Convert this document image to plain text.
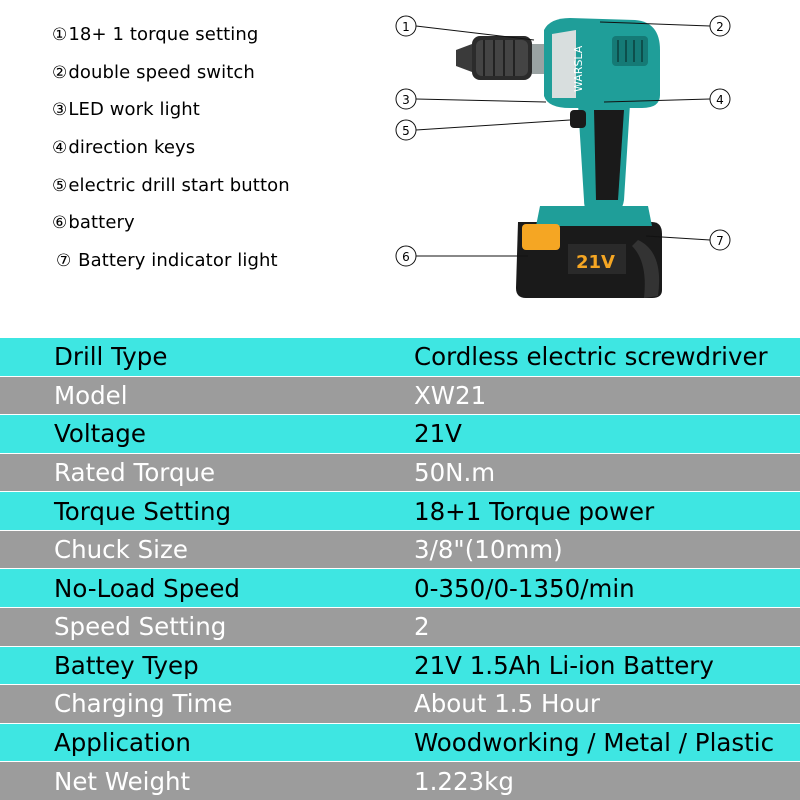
①18+ 1 torque setting
②double speed switch
③LED work light
④direction keys
⑤electric drill start button
⑥battery
⑦ Battery indicator light
WARSLA
21V
1	2
3	4
5
6
7
Drill Type	Cordless electric screwdriver
Model	XW21
Voltage	21V
Rated Torque	50N.m
Torque Setting	18+1 Torque power
Chuck Size	3/8"(10mm)
No-Load Speed	0-350/0-1350/min
Speed Setting	2
Battey Tyep	21V 1.5Ah Li-ion Battery
Charging Time	About 1.5 Hour
Application	Woodworking / Metal / Plastic
Net Weight	1.223kg
